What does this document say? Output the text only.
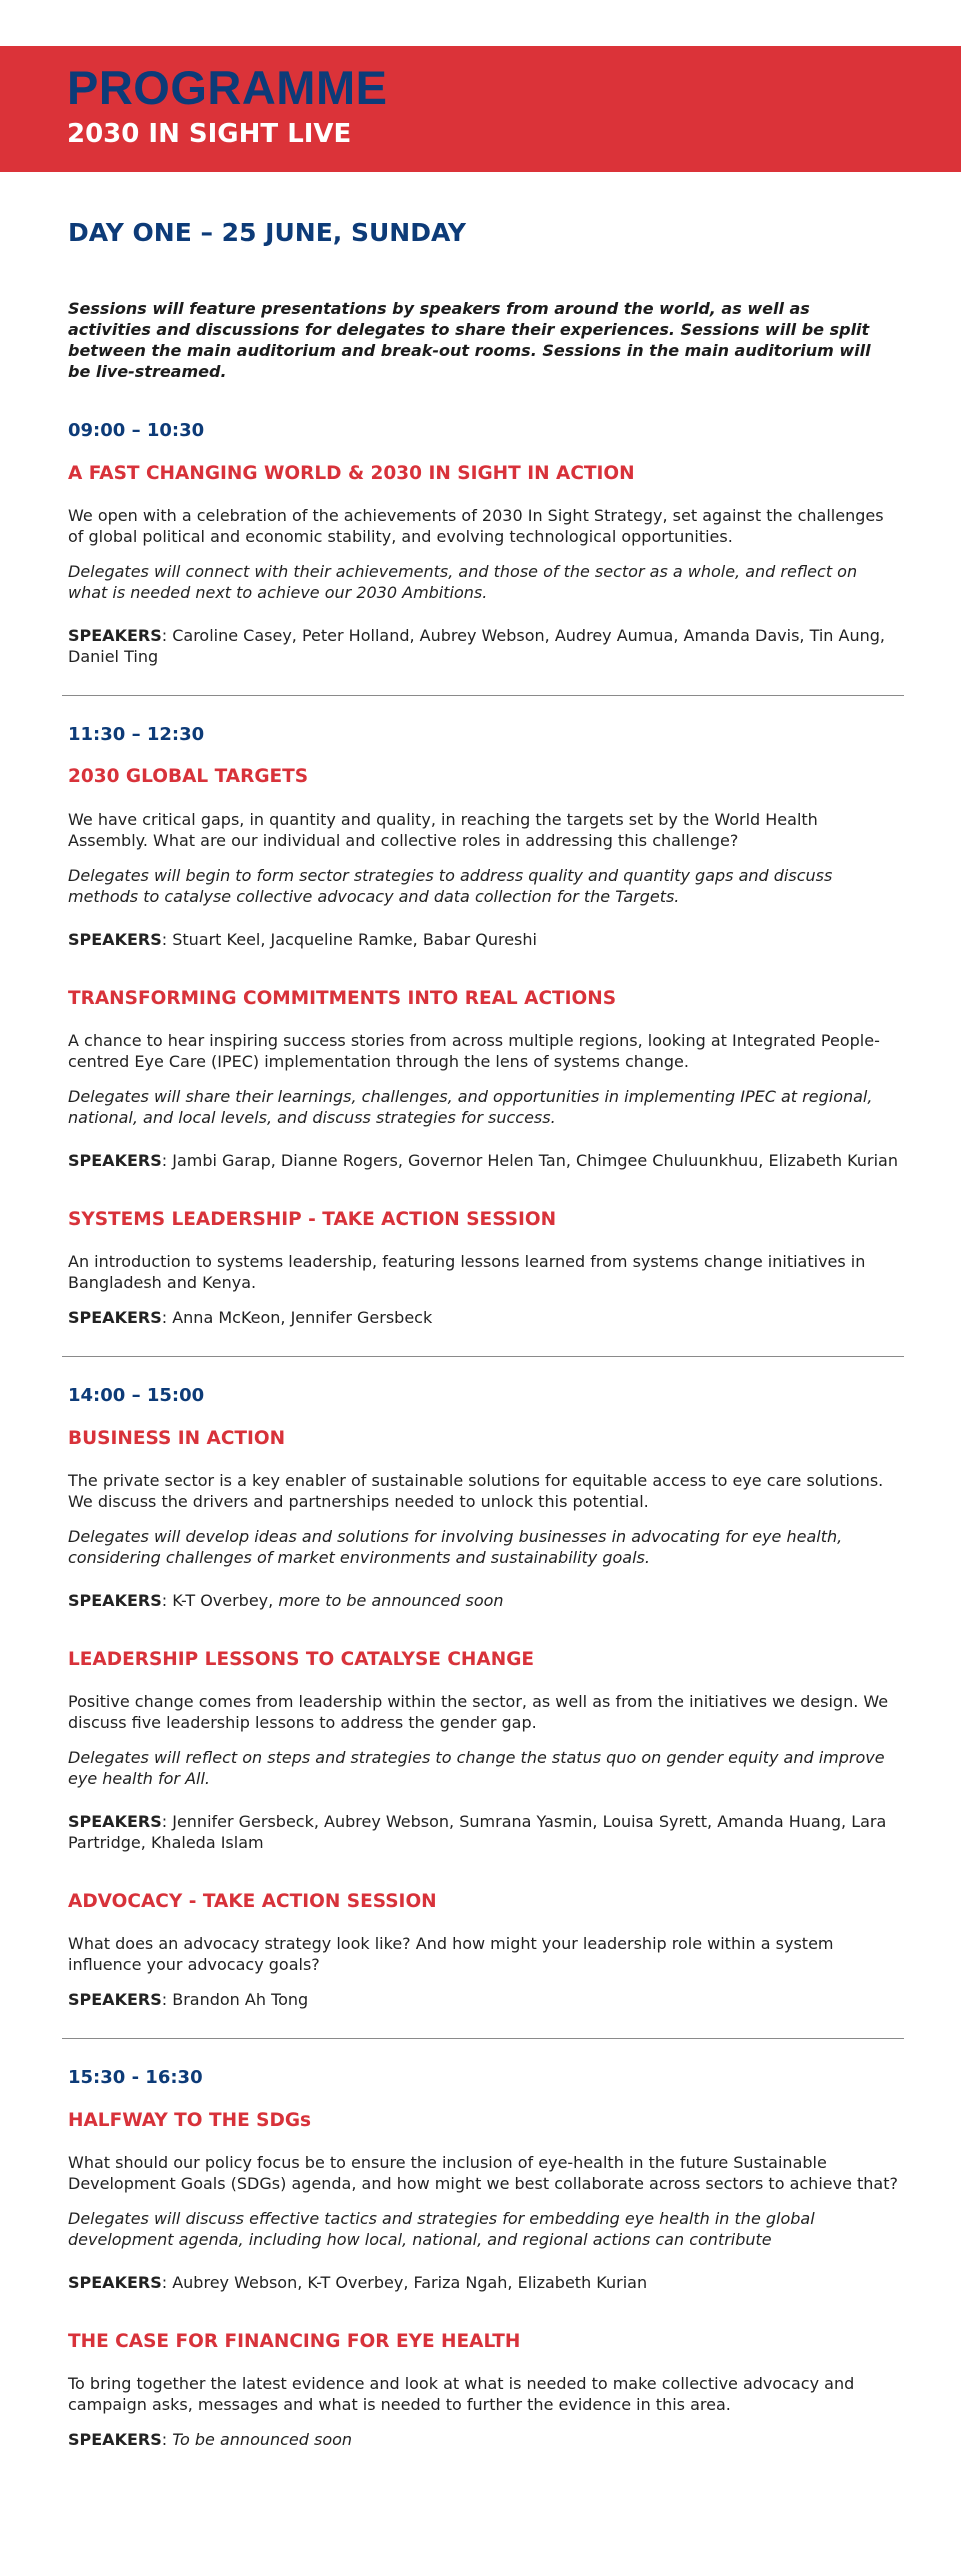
PROGRAMME
2030 IN SIGHT LIVE
DAY ONE – 25 JUNE, SUNDAY

Sessions will feature presentations by speakers from around the world, as well as activities and discussions for delegates to share their experiences. Sessions will be split between the main auditorium and break-out rooms. Sessions in the main auditorium will be live-streamed.

09:00 – 10:30
A FAST CHANGING WORLD & 2030 IN SIGHT IN ACTION

We open with a celebration of the achievements of 2030 In Sight Strategy, set against the challenges of global political and economic stability, and evolving technological opportunities.

Delegates will connect with their achievements, and those of the sector as a whole, and reflect on what is needed next to achieve our 2030 Ambitions.

SPEAKERS: Caroline Casey, Peter Holland, Aubrey Webson, Audrey Aumua, Amanda Davis, Tin Aung, Daniel Ting

11:30 – 12:30
2030 GLOBAL TARGETS

We have critical gaps, in quantity and quality, in reaching the targets set by the World Health Assembly. What are our individual and collective roles in addressing this challenge?

Delegates will begin to form sector strategies to address quality and quantity gaps and discuss methods to catalyse collective advocacy and data collection for the Targets.

SPEAKERS: Stuart Keel, Jacqueline Ramke, Babar Qureshi

TRANSFORMING COMMITMENTS INTO REAL ACTIONS

A chance to hear inspiring success stories from across multiple regions, looking at Integrated People-centred Eye Care (IPEC) implementation through the lens of systems change.

Delegates will share their learnings, challenges, and opportunities in implementing IPEC at regional, national, and local levels, and discuss strategies for success.

SPEAKERS: Jambi Garap, Dianne Rogers, Governor Helen Tan, Chimgee Chuluunkhuu, Elizabeth Kurian

SYSTEMS LEADERSHIP - TAKE ACTION SESSION

An introduction to systems leadership, featuring lessons learned from systems change initiatives in Bangladesh and Kenya.

SPEAKERS: Anna McKeon, Jennifer Gersbeck

14:00 – 15:00
BUSINESS IN ACTION

The private sector is a key enabler of sustainable solutions for equitable access to eye care solutions. We discuss the drivers and partnerships needed to unlock this potential.

Delegates will develop ideas and solutions for involving businesses in advocating for eye health, considering challenges of market environments and sustainability goals.

SPEAKERS: K-T Overbey, more to be announced soon

LEADERSHIP LESSONS TO CATALYSE CHANGE

Positive change comes from leadership within the sector, as well as from the initiatives we design. We discuss five leadership lessons to address the gender gap.

Delegates will reflect on steps and strategies to change the status quo on gender equity and improve eye health for All.

SPEAKERS: Jennifer Gersbeck, Aubrey Webson, Sumrana Yasmin, Louisa Syrett, Amanda Huang, Lara Partridge, Khaleda Islam

ADVOCACY - TAKE ACTION SESSION

What does an advocacy strategy look like? And how might your leadership role within a system influence your advocacy goals?

SPEAKERS: Brandon Ah Tong

15:30 - 16:30
HALFWAY TO THE SDGs

What should our policy focus be to ensure the inclusion of eye-health in the future Sustainable Development Goals (SDGs) agenda, and how might we best collaborate across sectors to achieve that?

Delegates will discuss effective tactics and strategies for embedding eye health in the global development agenda, including how local, national, and regional actions can contribute

SPEAKERS: Aubrey Webson, K-T Overbey, Fariza Ngah, Elizabeth Kurian

THE CASE FOR FINANCING FOR EYE HEALTH

To bring together the latest evidence and look at what is needed to make collective advocacy and campaign asks, messages and what is needed to further the evidence in this area.

SPEAKERS: To be announced soon
